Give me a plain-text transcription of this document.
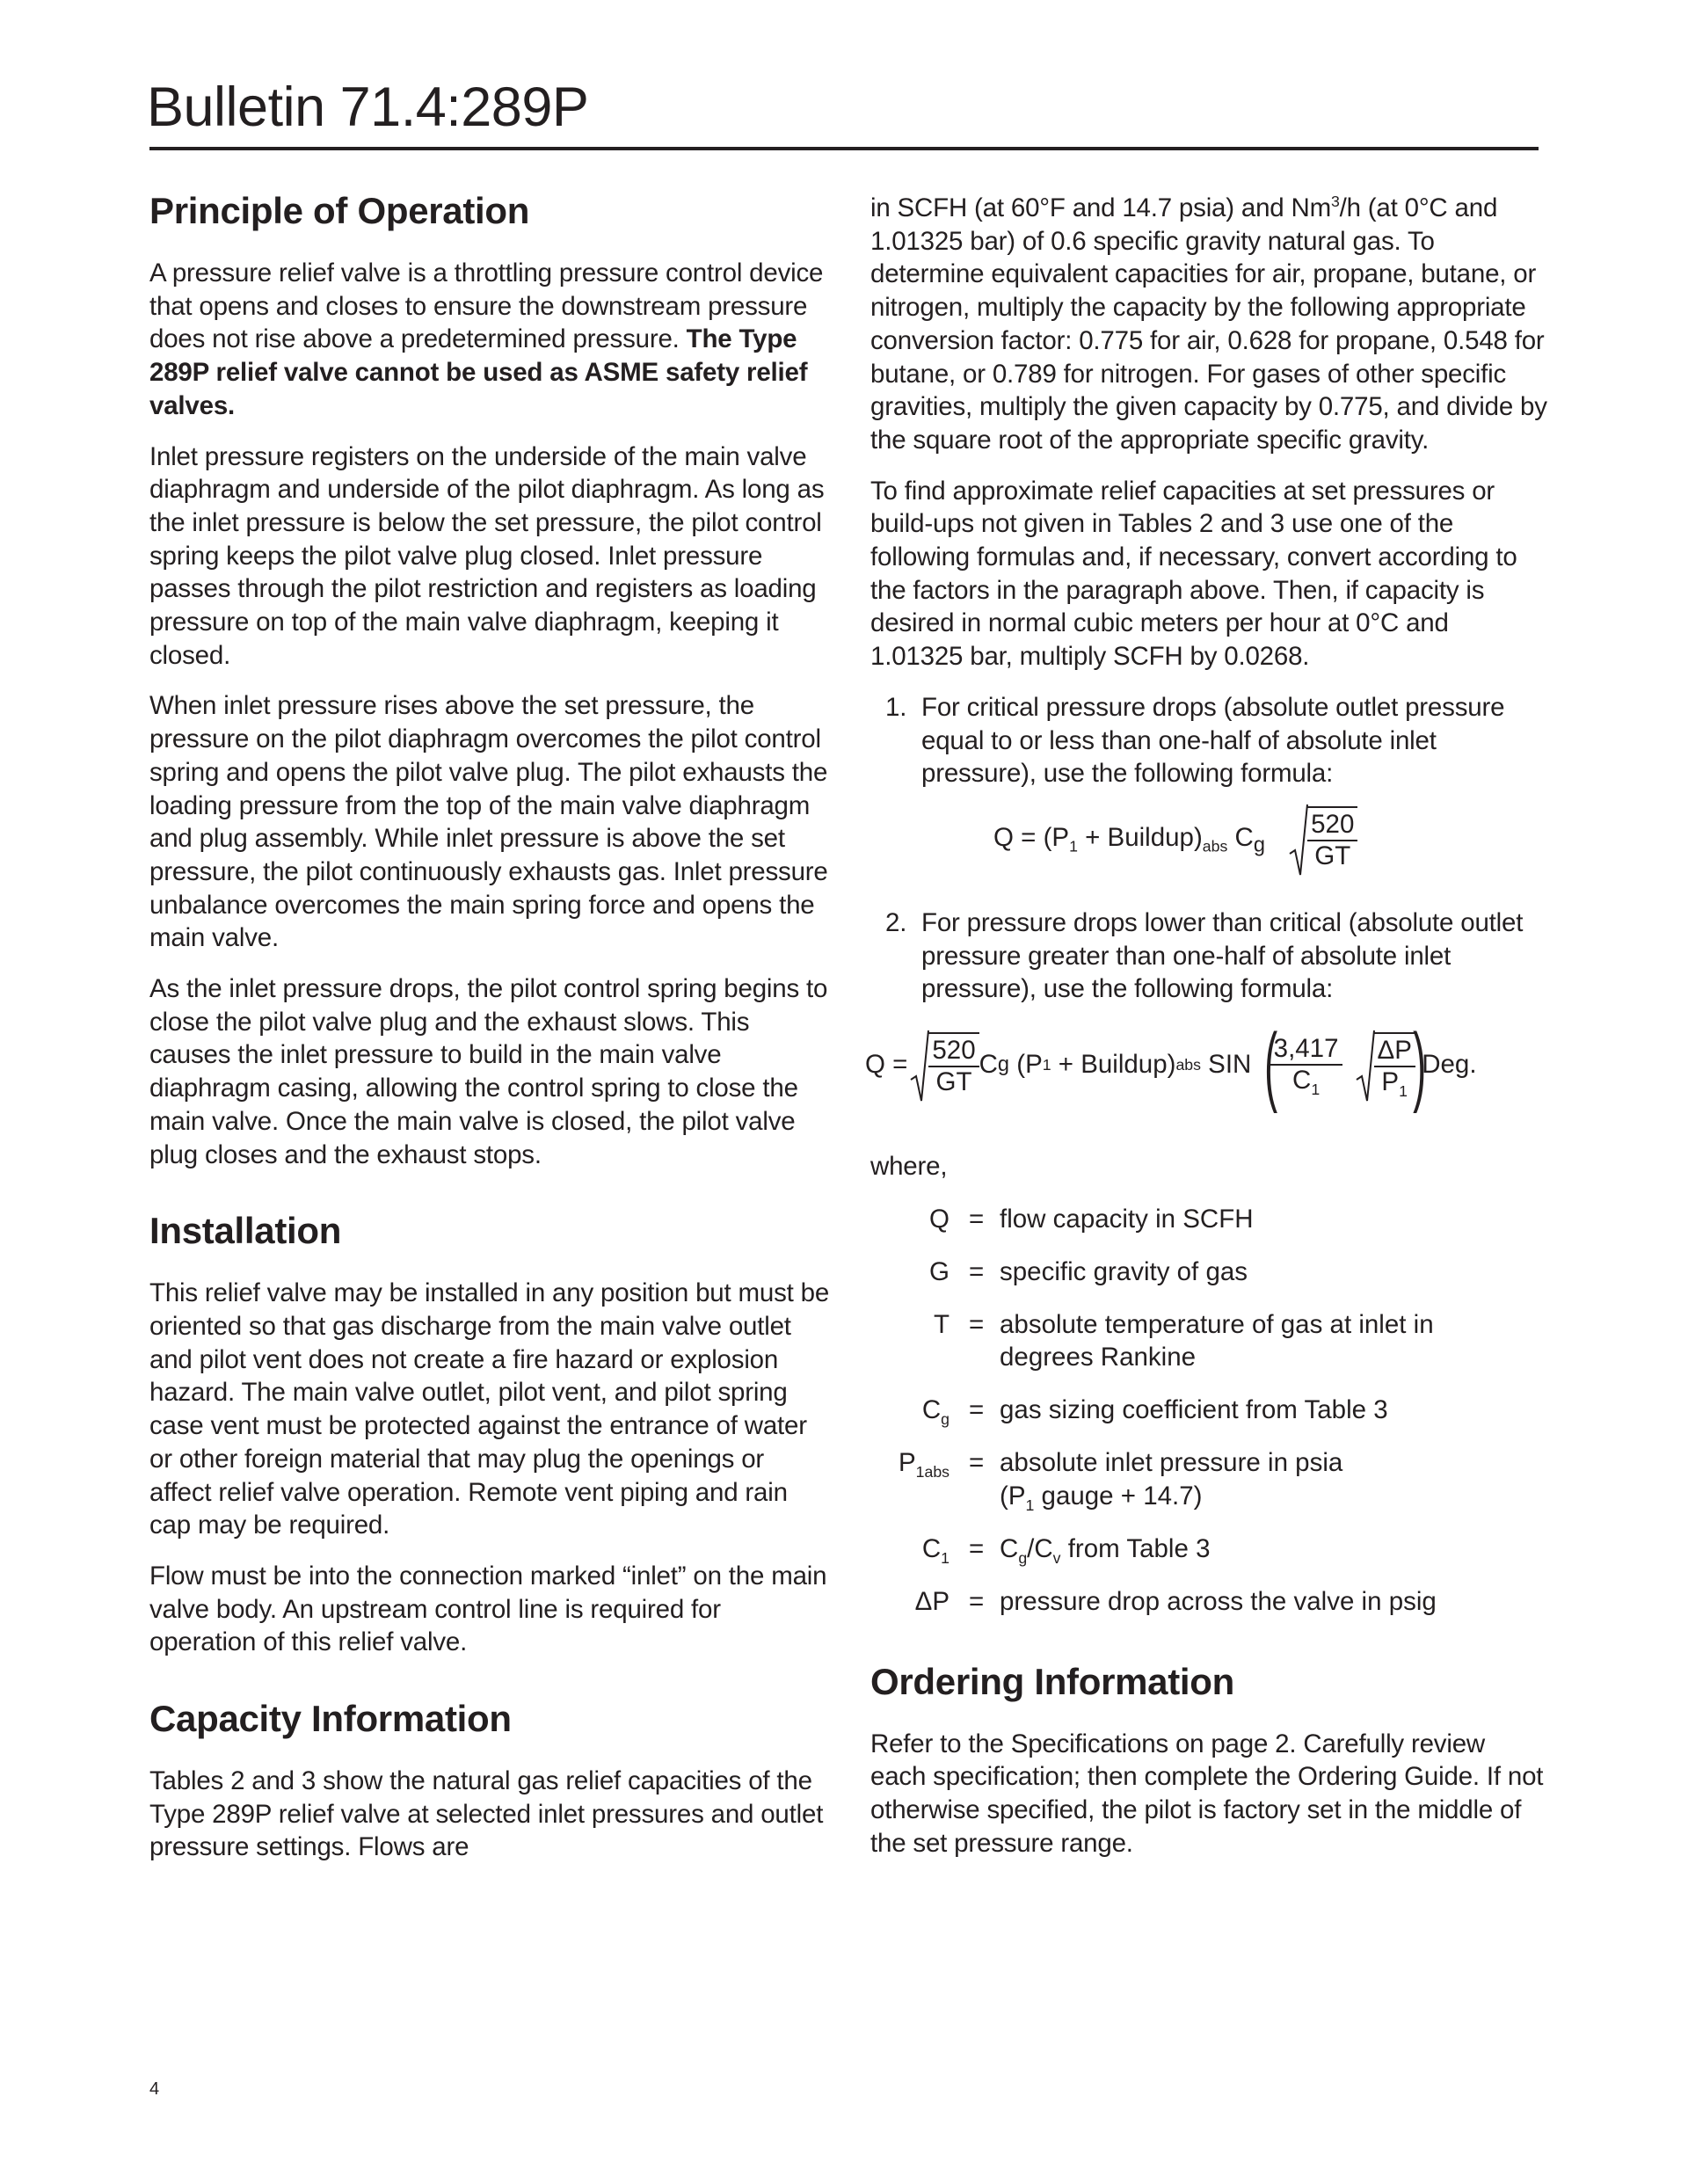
Bulletin 71.4:289P
Principle of Operation

A pressure relief valve is a throttling pressure control device that opens and closes to ensure the downstream pressure does not rise above a predetermined pressure. The Type 289P relief valve cannot be used as ASME safety relief valves.

Inlet pressure registers on the underside of the main valve diaphragm and underside of the pilot diaphragm. As long as the inlet pressure is below the set pressure, the pilot control spring keeps the pilot valve plug closed. Inlet pressure passes through the pilot restriction and registers as loading pressure on top of the main valve diaphragm, keeping it closed.

When inlet pressure rises above the set pressure, the pressure on the pilot diaphragm overcomes the pilot control spring and opens the pilot valve plug. The pilot exhausts the loading pressure from the top of the main valve diaphragm and plug assembly. While inlet pressure is above the set pressure, the pilot continuously exhausts gas. Inlet pressure unbalance overcomes the main spring force and opens the main valve.

As the inlet pressure drops, the pilot control spring begins to close the pilot valve plug and the exhaust slows. This causes the inlet pressure to build in the main valve diaphragm casing, allowing the control spring to close the main valve. Once the main valve is closed, the pilot valve plug closes and the exhaust stops.

Installation

This relief valve may be installed in any position but must be oriented so that gas discharge from the main valve outlet and pilot vent does not create a fire hazard or explosion hazard. The main valve outlet, pilot vent, and pilot spring case vent must be protected against the entrance of water or other foreign material that may plug the openings or affect relief valve operation. Remote vent piping and rain cap may be required.

Flow must be into the connection marked “inlet” on the main valve body. An upstream control line is required for operation of this relief valve.

Capacity Information

Tables 2 and 3 show the natural gas relief capacities of the Type 289P relief valve at selected inlet pressures and outlet pressure settings. Flows are

in SCFH (at 60°F and 14.7 psia) and Nm$^3$/h (at 0°C and 1.01325 bar) of 0.6 specific gravity natural gas. To determine equivalent capacities for air, propane, butane, or nitrogen, multiply the capacity by the following appropriate conversion factor: 0.775 for air, 0.628 for propane, 0.548 for butane, or 0.789 for nitrogen. For gases of other specific gravities, multiply the given capacity by 0.775, and divide by the square root of the appropriate specific gravity.

To find approximate relief capacities at set pressures or build-ups not given in Tables 2 and 3 use one of the following formulas and, if necessary, convert according to the factors in the paragraph above. Then, if capacity is desired in normal cubic meters per hour at 0°C and 1.01325 bar, multiply SCFH by 0.0268.

1. For critical pressure drops (absolute outlet pressure equal to or less than one-half of absolute inlet pressure), use the following formula:

$Q = (P_1$ + $Buildup)_{abs}$ $C_g \frac{520}{GT}$

2. For pressure drops lower than critical (absolute outlet pressure greater than one-half of absolute inlet pressure), use the following formula:

$Q = \frac{520}{GT}$ C g (P 1 + Buildup) abs SIN (
$\frac{3,417}{C_1} \frac{\Delta P}{P_1}$
)
Deg.

where,

Q = flow capacity in SCFH
G = specific gravity of gas
T = absolute temperature of gas at inlet in degrees Rankine
$C_g$ = gas sizing coefficient from Table 3
$P_{1abs}$ = absolute inlet pressure in psia
($P_1$ gauge + 14.7)
$C_1 = C_g/C_v$ from Table 3
ΔP = pressure drop across the valve in psig
Ordering Information

Refer to the Specifications on page 2. Carefully review each specification; then complete the Ordering Guide. If not otherwise specified, the pilot is factory set in the middle of the set pressure range.

4
